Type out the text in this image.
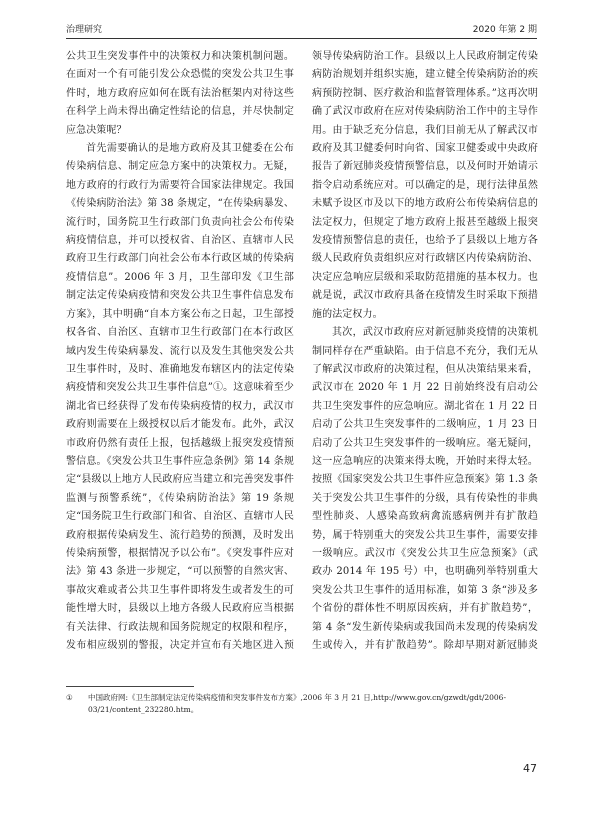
治理研究	2020 年第 2 期

公共卫生突发事件中的决策权力和决策机制问题。在面对一个有可能引发公众恐慌的突发公共卫生事件时，地方政府应如何在既有法治框架内对待这些在科学上尚未得出确定性结论的信息，并尽快制定应急决策呢？

首先需要确认的是地方政府及其卫健委在公布传染病信息、制定应急方案中的决策权力。无疑，地方政府的行政行为需要符合国家法律规定。我国《传染病防治法》第 38 条规定，“在传染病暴发、流行时，国务院卫生行政部门负责向社会公布传染病疫情信息，并可以授权省、自治区、直辖市人民政府卫生行政部门向社会公布本行政区域的传染病疫情信息”。2006 年 3 月，卫生部印发《卫生部制定法定传染病疫情和突发公共卫生事件信息发布方案》，其中明确“自本方案公布之日起，卫生部授权各省、自治区、直辖市卫生行政部门在本行政区域内发生传染病暴发、流行以及发生其他突发公共卫生事件时，及时、准确地发布辖区内的法定传染病疫情和突发公共卫生事件信息”①。这意味着至少湖北省已经获得了发布传染病疫情的权力，武汉市政府则需要在上级授权以后才能发布。此外，武汉市政府仍然有责任上报，包括越级上报突发疫情预警信息。《突发公共卫生事件应急条例》第 14 条规定“县级以上地方人民政府应当建立和完善突发事件监测与预警系统”，《传染病防治法》第 19 条规定“国务院卫生行政部门和省、自治区、直辖市人民政府根据传染病发生、流行趋势的预测，及时发出传染病预警，根据情况予以公布”。《突发事件应对法》第 43 条进一步规定，“可以预警的自然灾害、事故灾难或者公共卫生事件即将发生或者发生的可能性增大时，县级以上地方各级人民政府应当根据有关法律、行政法规和国务院规定的权限和程序，发布相应级别的警报，决定并宣布有关地区进入预

领导传染病防治工作。县级以上人民政府制定传染病防治规划并组织实施，建立健全传染病防治的疾病预防控制、医疗救治和监督管理体系。”这再次明确了武汉市政府在应对传染病防治工作中的主导作用。由于缺乏充分信息，我们目前无从了解武汉市政府及其卫健委何时向省、国家卫健委或中央政府报告了新冠肺炎疫情预警信息，以及何时开始请示指令启动系统应对。可以确定的是，现行法律虽然未赋予设区市及以下的地方政府公布传染病信息的法定权力，但规定了地方政府上报甚至越级上报突发疫情预警信息的责任，也给予了县级以上地方各级人民政府负责组织应对行政辖区内传染病防治、决定应急响应层级和采取防范措施的基本权力。也就是说，武汉市政府具备在疫情发生时采取下预措施的法定权力。

其次，武汉市政府应对新冠肺炎疫情的决策机制同样存在严重缺陷。由于信息不充分，我们无从了解武汉市政府的决策过程，但从决策结果来看，武汉市在 2020 年 1 月 22 日前始终没有启动公共卫生突发事件的应急响应。湖北省在 1 月 22 日启动了公共卫生突发事件的二级响应，1 月 23 日启动了公共卫生突发事件的一级响应。毫无疑问，这一应急响应的决策来得太晚，开始时来得太轻。按照《国家突发公共卫生事件应急预案》第 1.3 条关于突发公共卫生事件的分级，具有传染性的非典型性肺炎、人感染高致病禽流感病例并有扩散趋势，属于特别重大的突发公共卫生事件，需要安排一级响应。武汉市《突发公共卫生应急预案》（武政办 2014 年 195 号）中，也明确列举特别重大突发公共卫生事件的适用标准，如第 3 条“涉及多个省份的群体性不明原因疾病，并有扩散趋势”，第 4 条“发生新传染病或我国尚未发现的传染病发生或传入，并有扩散趋势”。除却早期对新冠肺炎

① 中国政府网:《卫生部制定法定传染病疫情和突发事件发布方案》,2006 年 3 月 21 日,http://www.gov.cn/gzwdt/gdt/2006-03/21/content_232280.htm。
47
